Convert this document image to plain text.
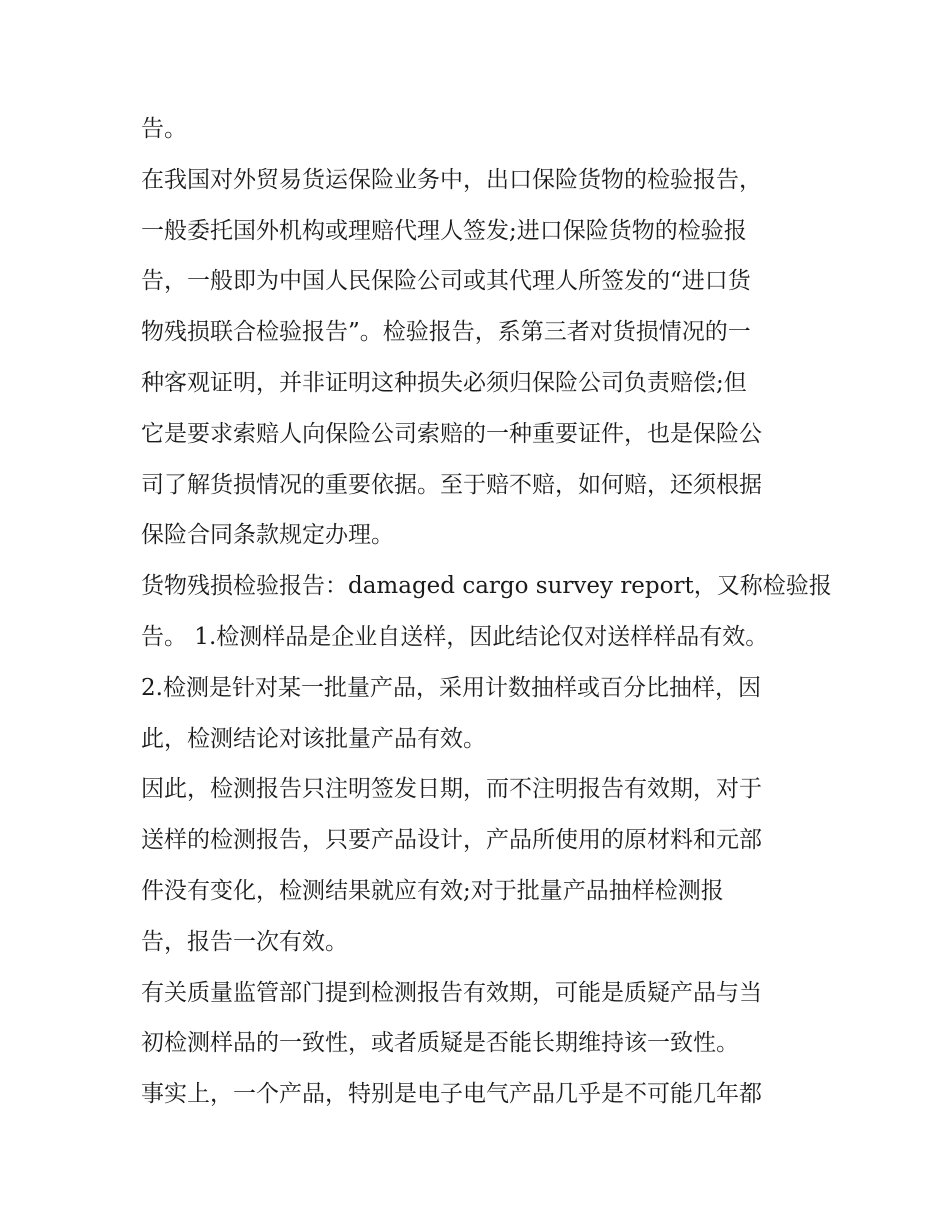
告。
在我国对外贸易货运保险业务中，出口保险货物的检验报告，
一般委托国外机构或理赔代理人签发;进口保险货物的检验报
告，一般即为中国人民保险公司或其代理人所签发的“进口货
物残损联合检验报告”。检验报告，系第三者对货损情况的一
种客观证明，并非证明这种损失必须归保险公司负责赔偿;但
它是要求索赔人向保险公司索赔的一种重要证件，也是保险公
司了解货损情况的重要依据。至于赔不赔，如何赔，还须根据
保险合同条款规定办理。
货物残损检验报告：damaged cargo survey report，又称检验报
告。 1.检测样品是企业自送样，因此结论仅对送样样品有效。
2.检测是针对某一批量产品，采用计数抽样或百分比抽样，因
此，检测结论对该批量产品有效。
因此，检测报告只注明签发日期，而不注明报告有效期，对于
送样的检测报告，只要产品设计，产品所使用的原材料和元部
件没有变化，检测结果就应有效;对于批量产品抽样检测报
告，报告一次有效。
有关质量监管部门提到检测报告有效期，可能是质疑产品与当
初检测样品的一致性，或者质疑是否能长期维持该一致性。
事实上，一个产品，特别是电子电气产品几乎是不可能几年都
